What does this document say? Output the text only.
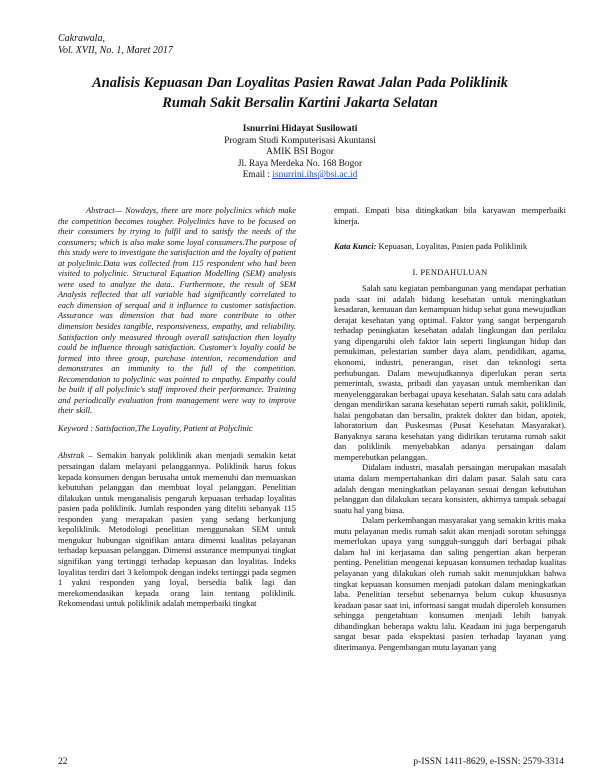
Cakrawala,
Vol. XVII, No. 1, Maret 2017
Analisis Kepuasan Dan Loyalitas Pasien Rawat Jalan Pada Poliklinik
Rumah Sakit Bersalin Kartini Jakarta Selatan
Isnurrini Hidayat Susilowati
Program Studi Komputerisasi Akuntansi
AMIK BSI Bogor
Jl. Raya Merdeka No. 168 Bogor
Email : isnurrini.ihs@bsi.ac.id

Abstract— Nowdays, there are more polyclinics which make the competition becomes tougher. Polyclinics have to be focused on their consumers by trying to fulfil and to satisfy the needs of the consumers; which is also make some loyal consumers.The purpose of this study were to investigate the satisfaction and the loyalty of patient at polyclinic.Data was collected from 115 respondent who had been visited to polyclinic. Structural Equation Modelling (SEM) analysis were used to analyze the data.. Furthermore, the result of SEM Analysis reflected that all variable had significantly correlated to each dimension of serqual and it influence to customer satisfaction. Assurance was dimension that had more contribute to other dimension besides tangible, responsiveness, empathy, and reliability. Satisfaction only measured through overall satisfaction then loyalty could be influence through satisfaction. Customer's loyalty could be formed into three group, purchase intention, recomendation and demonstrates an immunity to the full of the competition. Recomendation to polyclinic was pointed to empathy. Empathy could be built if all polyclinic's staff improved their performance. Training and periodically evaluation from management were way to improve their skill.

Keyword : Satisfaction,The Loyality, Patient at Polyclinic

Abstrak – Semakin banyak poliklinik akan menjadi semakin ketat persaingan dalam melayani pelanggannya. Poliklinik harus fokus kepada konsumen dengan berusaha untuk memenuhi dan memuaskan kebutuhan pelanggan dan membuat loyal pelanggan. Penelitian dilakukan untuk menganalisis pengaruh kepuasan terhadap loyalitas pasien pada poliklinik. Jumlah responden yang diteliti sebanyak 115 responden yang merapakan pasien yang sedang berkunjung kepoliklinik. Metodologi penelitian menggunakan SEM untuk mengukur hubungan signifikan antara dimensi kualitas pelayanan terhadap kepuasan pelanggan. Dimensi assurance mempunyai tingkat signifikan yang tertinggi terhadap kepuasan dan loyalitas. Indeks loyalitas terdiri dari 3 kelompok dengan indeks tertinggi pada segmen 1 yakni responden yang loyal, bersedia balik lagi dan merekomendasikan kepada orang lain tentang poliklinik. Rekomendasi untuk poliklinik adalah memperbaiki tingkat

empati. Empati bisa ditingkatkan bila karyawan memperbaiki kinerja.

Kata Kunci: Kepuasan, Loyalitas, Pasien pada Poliklinik

I. PENDAHULUAN

Salah satu kegiatan pembangunan yang mendapat perhatian pada saat ini adalah bidang kesehatan untuk meningkatkan kesadaran, kemauan dan kemampuan hidup sehat guna mewujudkan derajat kesehatan yang optimal. Faktor yang sangat berpengaruh terhadap peningkatan kesehatan adalah lingkungan dan perilaku yang dipengaruhi oleh faktor lain seperti lingkungan hidup dan pemukiman, pelestarian sumber daya alam, pendidikan, agama, ekonomi, industri, penerangan, riset dan teknologi serta perhubungan. Dalam mewujudkannya diperlukan peran serta pemerintah, swasta, pribadi dan yayasan untuk memberikan dan menyelenggarakan berbagai upaya kesehatan. Salah satu cara adalah dengan mendirikan sarana kesehatan seperti rumah sakit, poliklinik, balai pengobatan dan bersalin, praktek dokter dan bidan, apotek, laboratorium dan Puskesmas (Pusat Kesehatan Masyarakat). Banyaknya sarana kesehatan yang didirikan terutama rumah sakit dan poliklinik menyebabkan adanya persaingan dalam memperebutkan pelanggan.

Didalam industri, masalah persaingan merupakan masalah utama dalam mempertahankan diri dalam pasar. Salah satu cara adalah dengan meningkatkan pelayanan sesuai dengan kebutuhan pelanggan dan dilakukan secara konsisten, akhirnya tampak sebagai suatu hal yang biasa.

Dalam perkembangan masyarakat yang semakin kritis maka mutu pelayanan medis rumah sakit akan menjadi sorotan sehingga memerlukan upaya yang sungguh-sungguh dari berbagai pihak dalam hal ini kerjasama dan saling pengertian akan berperan penting. Penelitian mengenai kepuasan konsumen terhadap kualitas pelayanan yang dilakukan oleh rumah sakit menunjukkan bahwa tingkat kepuasan konsumen menjadi patokan dalam meningkatkan laba. Penelitian tersebut sebenarnya belum cukup khususnya keadaan pasar saat ini, informasi sangat mudah diperoleh konsumen sehingga pengetahuan konsumen menjadi lebih banyak dibandingkan beberapa waktu lalu. Keadaan ini juga berpengaruh sangat besar pada ekspektasi pasien terhadap layanan yang diterimanya. Pengembangan mutu layanan yang

22	p-ISSN 1411-8629, e-ISSN: 2579-3314
